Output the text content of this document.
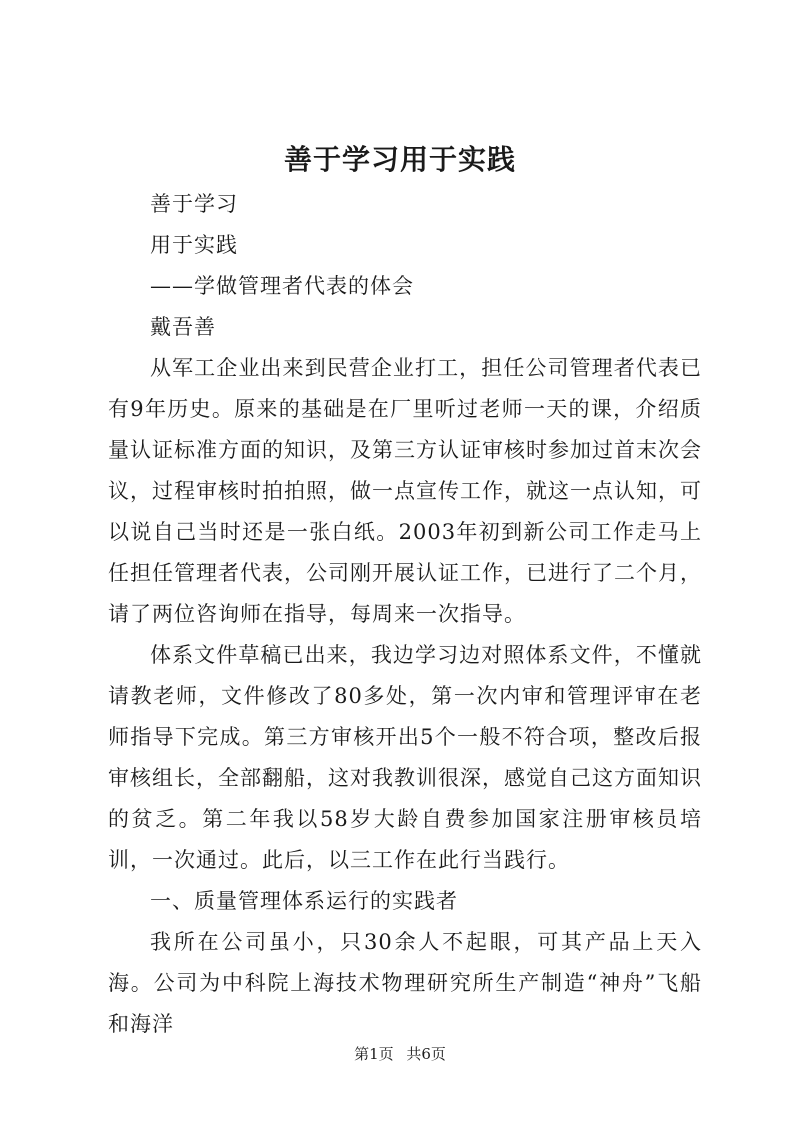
善于学习用于实践

善于学习

用于实践

——学做管理者代表的体会

戴吾善

从军工企业出来到民营企业打工，担任公司管理者代表已有9年历史。原来的基础是在厂里听过老师一天的课，介绍质量认证标准方面的知识，及第三方认证审核时参加过首末次会议，过程审核时拍拍照，做一点宣传工作，就这一点认知，可以说自己当时还是一张白纸。2003年初到新公司工作走马上任担任管理者代表，公司刚开展认证工作，已进行了二个月，请了两位咨询师在指导，每周来一次指导。

体系文件草稿已出来，我边学习边对照体系文件，不懂就请教老师，文件修改了80多处，第一次内审和管理评审在老师指导下完成。第三方审核开出5个一般不符合项，整改后报审核组长，全部翻船，这对我教训很深，感觉自己这方面知识的贫乏。第二年我以58岁大龄自费参加国家注册审核员培训，一次通过。此后，以三工作在此行当践行。

一、质量管理体系运行的实践者

我所在公司虽小，只30余人不起眼，可其产品上天入海。公司为中科院上海技术物理研究所生产制造“神舟”飞船和海洋

第1页 共6页
